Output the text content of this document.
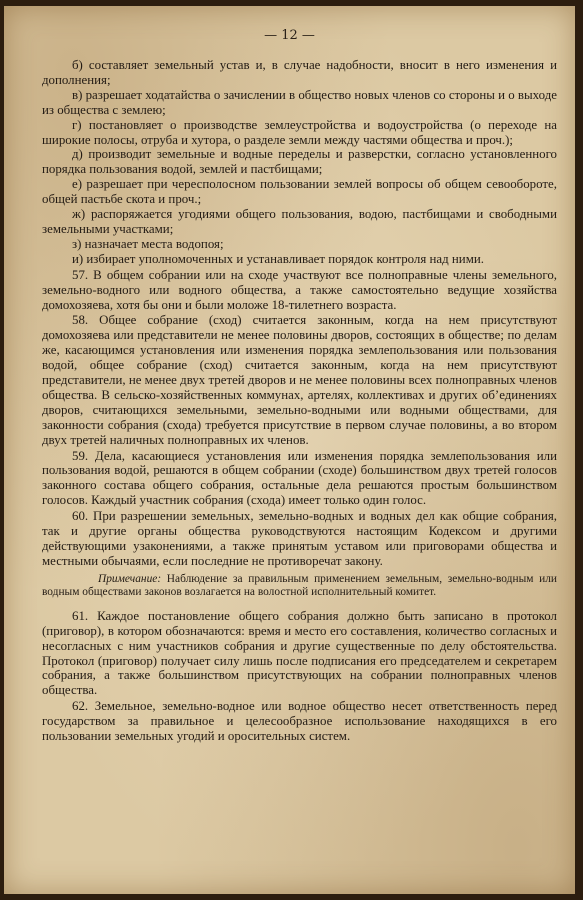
— 12 —

б) составляет земельный устав и, в случае надобности, вносит в него изменения и дополнения;

в) разрешает ходатайства о зачислении в общество новых членов со стороны и о выходе из общества с землею;

г) постановляет о производстве землеустройства и водоустройства (о переходе на широкие полосы, отруба и хутора, о разделе земли между частями общества и проч.);

д) производит земельные и водные переделы и разверстки, согласно установленного порядка пользования водой, землей и пастбищами;

е) разрешает при чересполосном пользовании землей вопросы об общем севообороте, общей пастьбе скота и проч.;

ж) распоряжается угодиями общего пользования, водою, пастбищами и свободными земельными участками;

з) назначает места водопоя;

и) избирает уполномоченных и устанавливает порядок контроля над ними.

57. В общем собрании или на сходе участвуют все полноправные члены земельного, земельно-водного или водного общества, а также самостоятельно ведущие хозяйства домохозяева, хотя бы они и были моложе 18-тилетнего возраста.

58. Общее собрание (сход) считается законным, когда на нем присутствуют домохозяева или представители не менее половины дворов, состоящих в обществе; по делам же, касающимся установления или изменения порядка землепользования или пользования водой, общее собрание (сход) считается законным, когда на нем присутствуют представители, не менее двух третей дворов и не менее половины всех полноправных членов общества. В сельско-хозяйственных коммунах, артелях, коллективах и других об’единениях дворов, считающихся земельными, земельно-водными или водными обществами, для законности собрания (схода) требуется присутствие в первом случае половины, а во втором двух третей наличных полноправных их членов.

59. Дела, касающиеся установления или изменения порядка землепользования или пользования водой, решаются в общем собрании (сходе) большинством двух третей голосов законного состава общего собрания, остальные дела решаются простым большинством голосов. Каждый участник собрания (схода) имеет только один голос.

60. При разрешении земельных, земельно-водных и водных дел как общие собрания, так и другие органы общества руководствуются настоящим Кодексом и другими действующими узаконениями, а также принятым уставом или приговорами общества и местными обычаями, если последние не противоречат закону.

Примечание: Наблюдение за правильным применением земельным, земельно-водным или водным обществами законов возлагается на волостной исполнительный комитет.

61. Каждое постановление общего собрания должно быть записано в протокол (приговор), в котором обозначаются: время и место его составления, количество согласных и несогласных с ним участников собрания и другие существенные по делу обстоятельства. Протокол (приговор) получает силу лишь после подписания его председателем и секретарем собрания, а также большинством присутствующих на собрании полноправных членов общества.

62. Земельное, земельно-водное или водное общество несет ответственность перед государством за правильное и целесообразное использование находящихся в его пользовании земельных угодий и оросительных систем.
